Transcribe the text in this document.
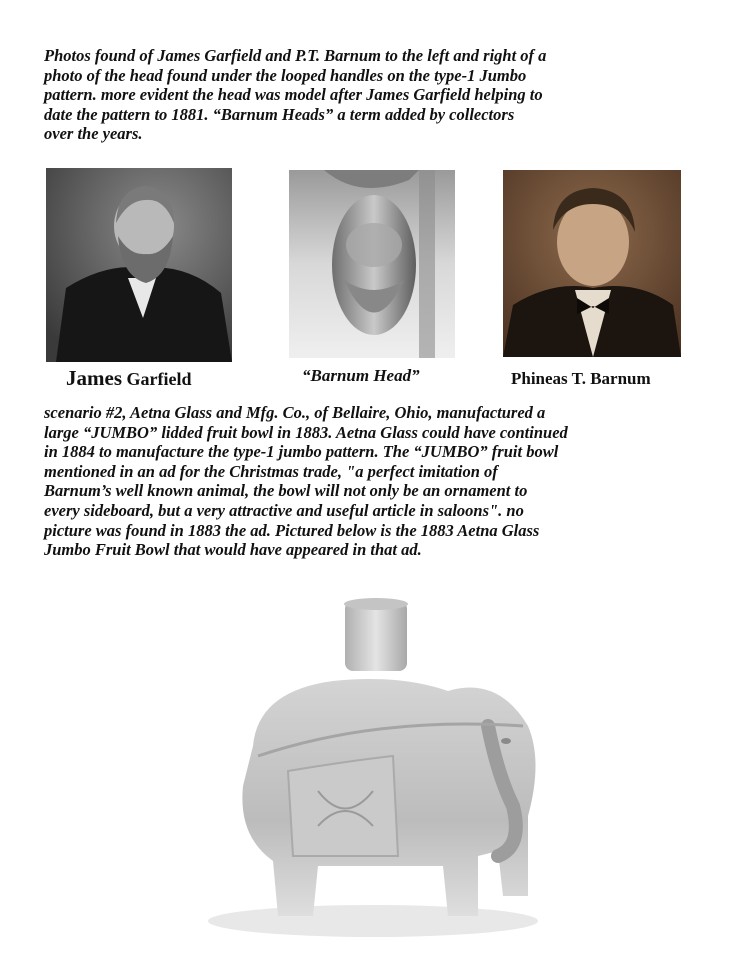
Photos found of James Garfield and P.T. Barnum to the left and right of a
photo of the head found under the looped handles on the type-1 Jumbo
pattern. more evident the head was model after James Garfield helping to
date the pattern to 1881. “Barnum Heads” a term added by collectors
over the years.

James Garfield	“Barnum Head”	Phineas T. Barnum

scenario #2, Aetna Glass and Mfg. Co., of Bellaire, Ohio, manufactured a
large “JUMBO” lidded fruit bowl in 1883. Aetna Glass could have continued
in 1884 to manufacture the type-1 jumbo pattern. The “JUMBO” fruit bowl
mentioned in an ad for the Christmas trade, "a perfect imitation of
Barnum’s well known animal, the bowl will not only be an ornament to
every sideboard, but a very attractive and useful article in saloons". no
picture was found in 1883 the ad. Pictured below is the 1883 Aetna Glass
Jumbo Fruit Bowl that would have appeared in that ad.
